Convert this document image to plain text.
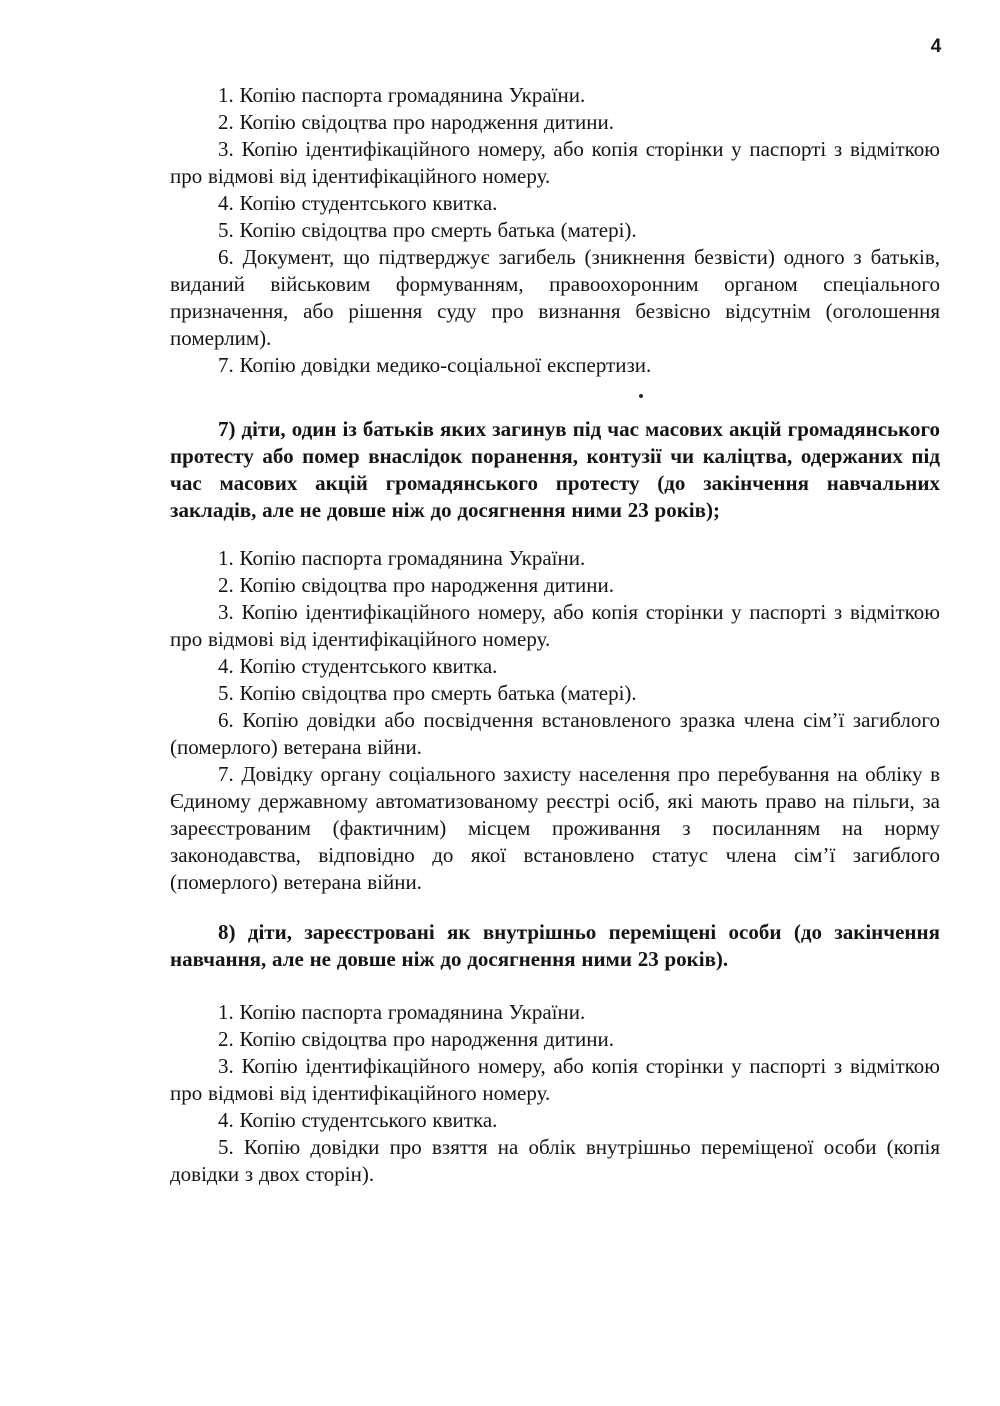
4

1. Копію паспорта громадянина України.

2. Копію свідоцтва про народження дитини.

3. Копію ідентифікаційного номеру, або копія сторінки у паспорті з відміткою про відмові від ідентифікаційного номеру.

4. Копію студентського квитка.

5. Копію свідоцтва про смерть батька (матері).

6. Документ, що підтверджує загибель (зникнення безвісти) одного з батьків, виданий військовим формуванням, правоохоронним органом спеціального призначення, або рішення суду про визнання безвісно відсутнім (оголошення померлим).

7. Копію довідки медико-соціальної експертизи.

7) діти, один із батьків яких загинув під час масових акцій громадянського протесту або помер внаслідок поранення, контузії чи каліцтва, одержаних під час масових акцій громадянського протесту (до закінчення навчальних закладів, але не довше ніж до досягнення ними 23 років);

1. Копію паспорта громадянина України.

2. Копію свідоцтва про народження дитини.

3. Копію ідентифікаційного номеру, або копія сторінки у паспорті з відміткою про відмові від ідентифікаційного номеру.

4. Копію студентського квитка.

5. Копію свідоцтва про смерть батька (матері).

6. Копію довідки або посвідчення встановленого зразка члена сім’ї загиблого (померлого) ветерана війни.

7. Довідку органу соціального захисту населення про перебування на обліку в Єдиному державному автоматизованому реєстрі осіб, які мають право на пільги, за зареєстрованим (фактичним) місцем проживання з посиланням на норму законодавства, відповідно до якої встановлено статус члена сім’ї загиблого (померлого) ветерана війни.

8) діти, зареєстровані як внутрішньо переміщені особи (до закінчення навчання, але не довше ніж до досягнення ними 23 років).

1. Копію паспорта громадянина України.

2. Копію свідоцтва про народження дитини.

3. Копію ідентифікаційного номеру, або копія сторінки у паспорті з відміткою про відмові від ідентифікаційного номеру.

4. Копію студентського квитка.

5. Копію довідки про взяття на облік внутрішньо переміщеної особи (копія довідки з двох сторін).
